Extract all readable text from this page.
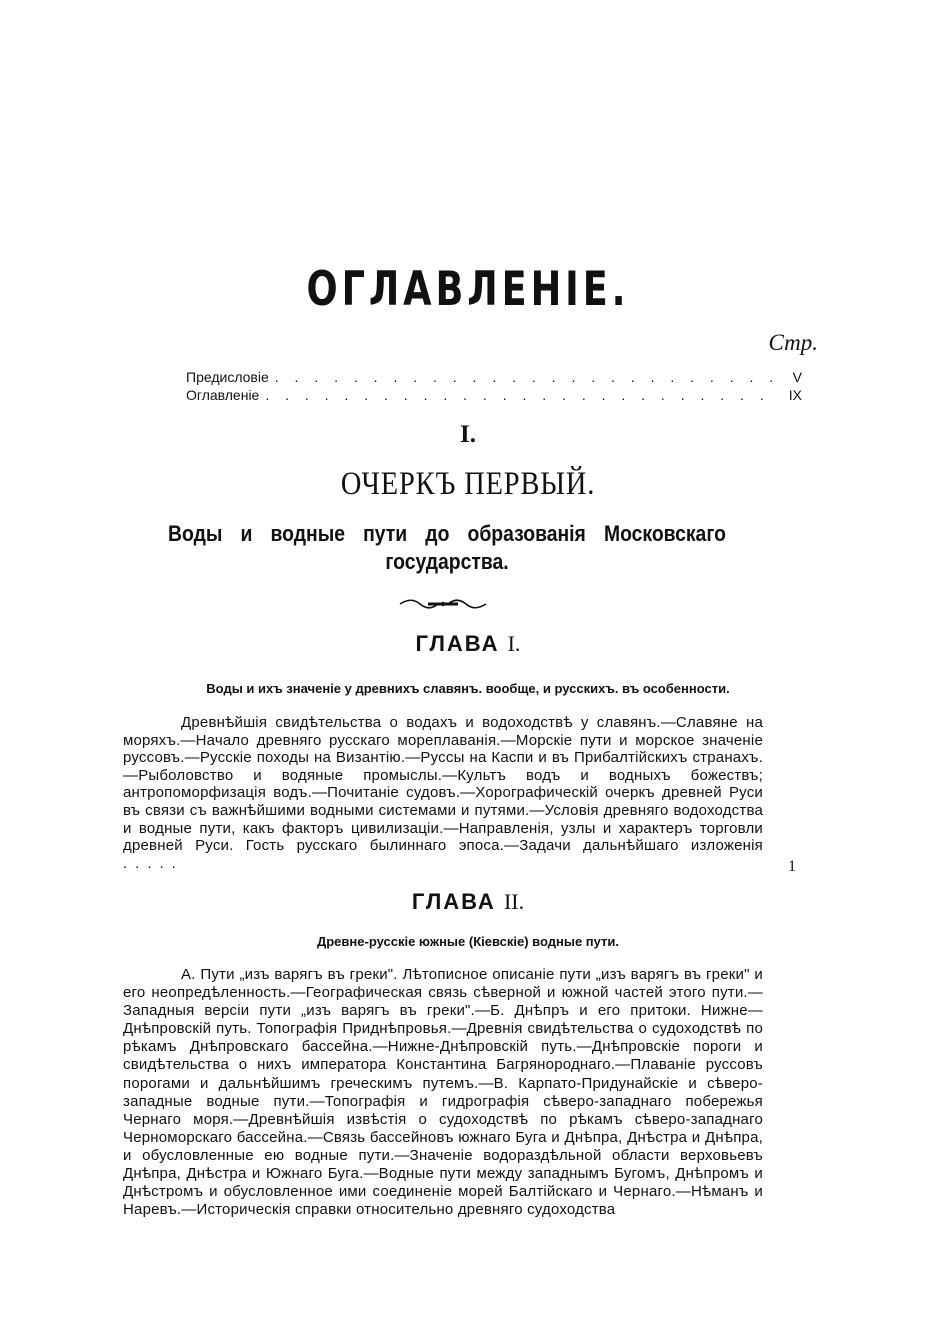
ОГЛАВЛЕНІЕ.
Стр.
Предисловіе . . .	V
Оглавленіе . . .	IX
I.
ОЧЕРКЪ ПЕРВЫЙ.
Воды и водные пути до образованія Московскаго государства.
ГЛАВА I.
Воды и ихъ значеніе у древнихъ славянъ. вообще, и русскихъ. въ особенности.
Древнѣйшія свидѣтельства о водахъ и водоходствѣ у славянъ.—Славяне на моряхъ.—Начало древняго русскаго мореплаванія.—Морскіе пути и морское значеніе руссовъ.—Русскіе походы на Византію.—Руссы на Каспи и въ Прибалтійскихъ странахъ.—Рыболовство и водяные промыслы.—Культъ водъ и водныхъ божествъ; антропоморфизація водъ.—Почитаніе судовъ.—Хорографическій очеркъ древней Руси въ связи съ важнѣйшими водными системами и путями.—Условія древняго водоходства и водные пути, какъ факторъ цивилизаціи.—Направленія, узлы и характеръ торговли древней Руси. Гость русскаго былиннаго эпоса.—Задачи дальнѣйшаго изложенія .....	1
ГЛАВА II.
Древне-русскіе южные (Кіевскіе) водные пути.
А. Пути „изъ варягъ въ греки". Лѣтописное описаніе пути „изъ варягъ въ греки" и его неопредѣленность.—Географическая связь сѣверной и южной частей этого пути.—Западныя версіи пути „изъ варягъ въ греки".—Б. Днѣпръ и его притоки. Нижне—Днѣпровскій путь. Топографія Приднѣпровья.—Древнія свидѣтельства о судоходствѣ по рѣкамъ Днѣпровскаго бассейна.—Нижне-Днѣпровскій путь.—Днѣпровскіе пороги и свидѣтельства о нихъ императора Константина Багрянороднаго.—Плаваніе руссовъ порогами и дальнѣйшимъ греческимъ путемъ.—В. Карпато-Придунайскіе и сѣверо-западные водные пути.—Топографія и гидрографія сѣверо-западнаго побережья Чернаго моря.—Древнѣйшія извѣстія о судоходствѣ по рѣкамъ сѣверо-западнаго Черноморскаго бассейна.—Связь бассейновъ южнаго Буга и Днѣпра, Днѣстра и Днѣпра, и обусловленные ею водные пути.—Значеніе водораздѣльной области верховьевъ Днѣпра, Днѣстра и Южнаго Буга.—Водные пути между западнымъ Бугомъ, Днѣпромъ и Днѣстромъ и обусловленное ими соединеніе морей Балтійскаго и Чернаго.—Нѣманъ и Наревъ.—Историческія справки относительно древняго судоходства
